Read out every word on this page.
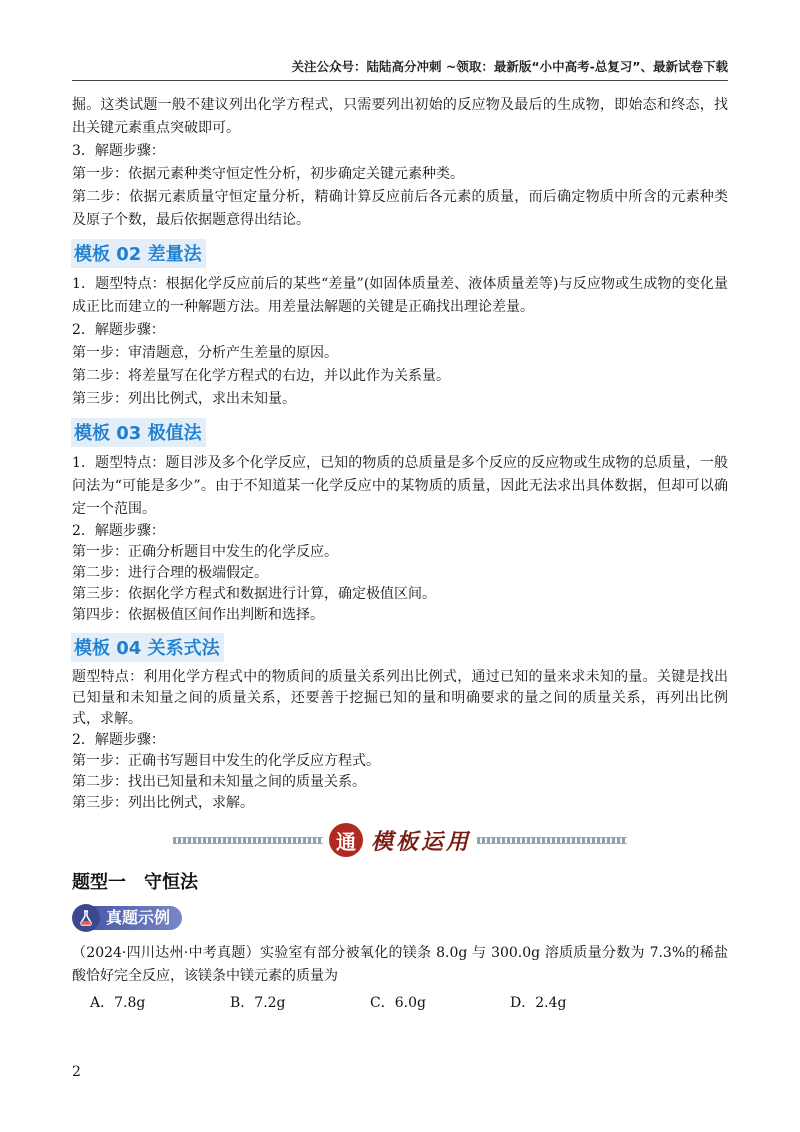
关注公众号：陆陆高分冲刺 ~领取：最新版“小中高考-总复习”、最新试卷下载

掘。这类试题一般不建议列出化学方程式，只需要列出初始的反应物及最后的生成物，即始态和终态，找出关键元素重点突破即可。

3．解题步骤：

第一步：依据元素种类守恒定性分析，初步确定关键元素种类。

第二步：依据元素质量守恒定量分析，精确计算反应前后各元素的质量，而后确定物质中所含的元素种类及原子个数，最后依据题意得出结论。

模板 02 差量法

1．题型特点：根据化学反应前后的某些“差量”(如固体质量差、液体质量差等)与反应物或生成物的变化量成正比而建立的一种解题方法。用差量法解题的关键是正确找出理论差量。

2．解题步骤：

第一步：审清题意，分析产生差量的原因。

第二步：将差量写在化学方程式的右边，并以此作为关系量。

第三步：列出比例式，求出未知量。

模板 03 极值法

1．题型特点：题目涉及多个化学反应，已知的物质的总质量是多个反应的反应物或生成物的总质量，一般问法为“可能是多少”。由于不知道某一化学反应中的某物质的质量，因此无法求出具体数据，但却可以确定一个范围。

2．解题步骤：

第一步：正确分析题目中发生的化学反应。

第二步：进行合理的极端假定。

第三步：依据化学方程式和数据进行计算，确定极值区间。

第四步：依据极值区间作出判断和选择。

模板 04 关系式法

题型特点：利用化学方程式中的物质间的质量关系列出比例式，通过已知的量来求未知的量。关键是找出已知量和未知量之间的质量关系，还要善于挖掘已知的量和明确要求的量之间的质量关系，再列出比例式，求解。

2．解题步骤：

第一步：正确书写题目中发生的化学反应方程式。

第二步：找出已知量和未知量之间的质量关系。

第三步：列出比例式，求解。

通 模板运用
题型一 守恒法
真题示例

（2024·四川达州·中考真题）实验室有部分被氧化的镁条 8.0g 与 300.0g 溶质质量分数为 7.3%的稀盐酸恰好完全反应，该镁条中镁元素的质量为

A．7.8g	B．7.2g	C．6.0g	D．2.4g
2
